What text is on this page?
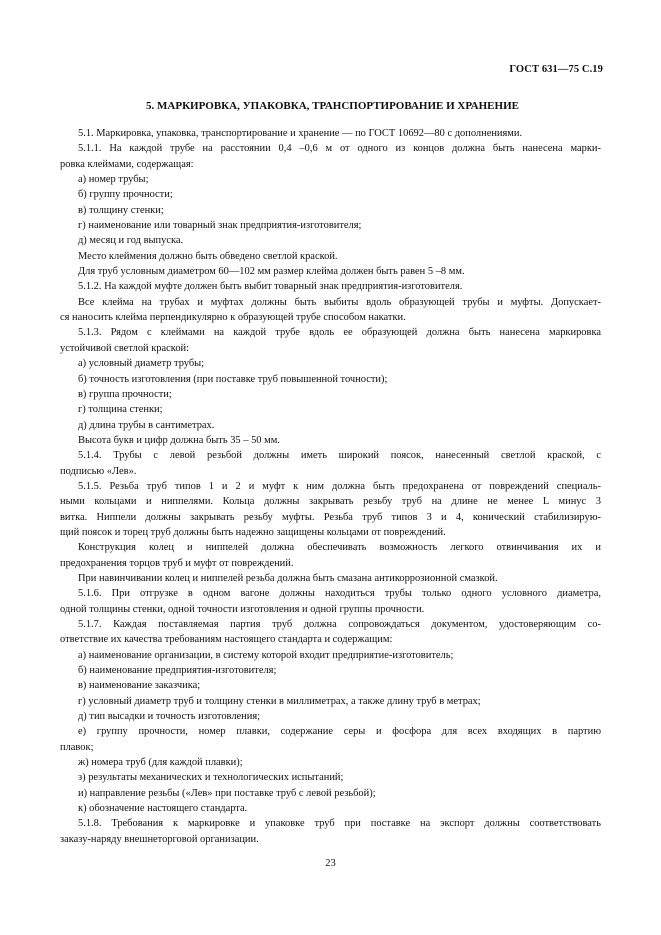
ГОСТ 631—75 С.19
5. МАРКИРОВКА, УПАКОВКА, ТРАНСПОРТИРОВАНИЕ И ХРАНЕНИЕ
5.1. Маркировка, упаковка, транспортирование и хранение — по ГОСТ 10692—80 с дополнениями.
5.1.1. На каждой трубе на расстоянии 0,4 –0,6 м от одного из концов должна быть нанесена марки-
ровка клеймами, содержащая:
а) номер трубы;
б) группу прочности;
в) толщину стенки;
г) наименование или товарный знак предприятия-изготовителя;
д) месяц и год выпуска.
Место клеймения должно быть обведено светлой краской.
Для труб условным диаметром 60—102 мм размер клейма должен быть равен 5 –8 мм.
5.1.2. На каждой муфте должен быть выбит товарный знак предприятия-изготовителя.
Все клейма на трубах и муфтах должны быть выбиты вдоль образующей трубы и муфты. Допускает-
ся наносить клейма перпендикулярно к образующей трубе способом накатки.
5.1.3. Рядом с клеймами на каждой трубе вдоль ее образующей должна быть нанесена маркировка
устойчивой светлой краской:
а) условный диаметр трубы;
б) точность изготовления (при поставке труб повышенной точности);
в) группа прочности;
г) толщина стенки;
д) длина трубы в сантиметрах.
Высота букв и цифр должна быть 35 – 50 мм.
5.1.4. Трубы с левой резьбой должны иметь широкий поясок, нанесенный светлой краской, с
подписью «Лев».
5.1.5. Резьба труб типов 1 и 2 и муфт к ним должна быть предохранена от повреждений специаль-
ными кольцами и ниппелями. Кольца должны закрывать резьбу труб на длине не менее L минус 3
витка. Ниппели должны закрывать резьбу муфты. Резьба труб типов 3 и 4, конический стабилизирую-
щий поясок и торец труб должны быть надежно защищены кольцами от повреждений.
Конструкция колец и ниппелей должна обеспечивать возможность легкого отвинчивания их и
предохранения торцов труб и муфт от повреждений.
При навинчивании колец и ниппелей резьба должна быть смазана антикоррозионной смазкой.
5.1.6. При отгрузке в одном вагоне должны находиться трубы только одного условного диаметра,
одной толщины стенки, одной точности изготовления и одной группы прочности.
5.1.7. Каждая поставляемая партия труб должна сопровождаться документом, удостоверяющим со-
ответствие их качества требованиям настоящего стандарта и содержащим:
а) наименование организации, в систему которой входит предприятие-изготовитель;
б) наименование предприятия-изготовителя;
в) наименование заказчика;
г) условный диаметр труб и толщину стенки в миллиметрах, а также длину труб в метрах;
д) тип высадки и точность изготовления;
е) группу прочности, номер плавки, содержание серы и фосфора для всех входящих в партию
плавок;
ж) номера труб (для каждой плавки);
з) результаты механических и технологических испытаний;
и) направление резьбы («Лев» при поставке труб с левой резьбой);
к) обозначение настоящего стандарта.
5.1.8. Требования к маркировке и упаковке труб при поставке на экспорт должны соответствовать
заказу-наряду внешнеторговой организации.
23
